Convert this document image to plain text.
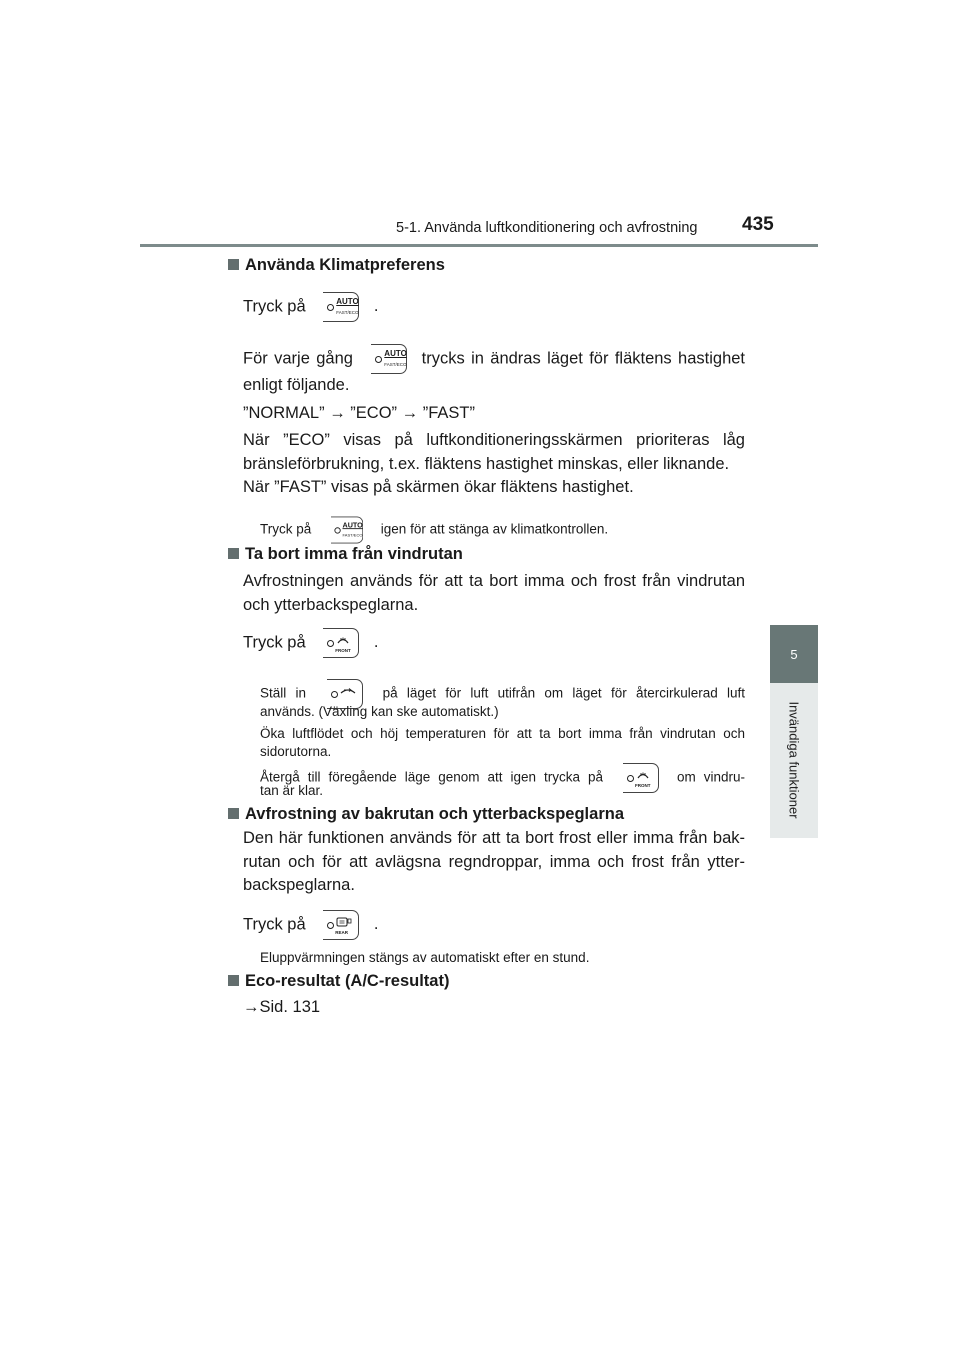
5-1. Använda luftkonditionering och avfrostning 435
5
Invändiga funktioner
Använda Klimatpreferens
Tryck på	AUTO
FAST/ECO .
För varje gång	AUTO
FAST/ECO trycks in ändras läget för fläktens hastighet
enligt följande.
”NORMAL” → ”ECO” → ”FAST”
När ”ECO” visas på luftkonditioneringsskärmen prioriteras låg bränsleförbrukning, t.ex. fläktens hastighet minskas, eller liknande.
När ”FAST” visas på skärmen ökar fläktens hastighet.
Tryck på	AUTO
FAST/ECO igen för att stänga av klimatkontrollen.
Ta bort imma från vindrutan
Avfrostningen används för att ta bort imma och frost från vindrutan och ytterbackspeglarna.
Tryck på	FRONT .
Ställ in	på läget för luft utifrån om läget för återcirkulerad luft
används. (Växling kan ske automatiskt.)
Öka luftflödet och höj temperaturen för att ta bort imma från vindrutan och sidorutorna.
Återgå till föregående läge genom att igen trycka på
FRONT
om vindru-
tan är klar.
Avfrostning av bakrutan och ytterbackspeglarna
Den här funktionen används för att ta bort frost eller imma från bak-rutan och för att avlägsna regndroppar, imma och frost från ytter-backspeglarna.
Tryck på	REAR .
Eluppvärmningen stängs av automatiskt efter en stund.
Eco-resultat (A/C-resultat)
→Sid. 131
